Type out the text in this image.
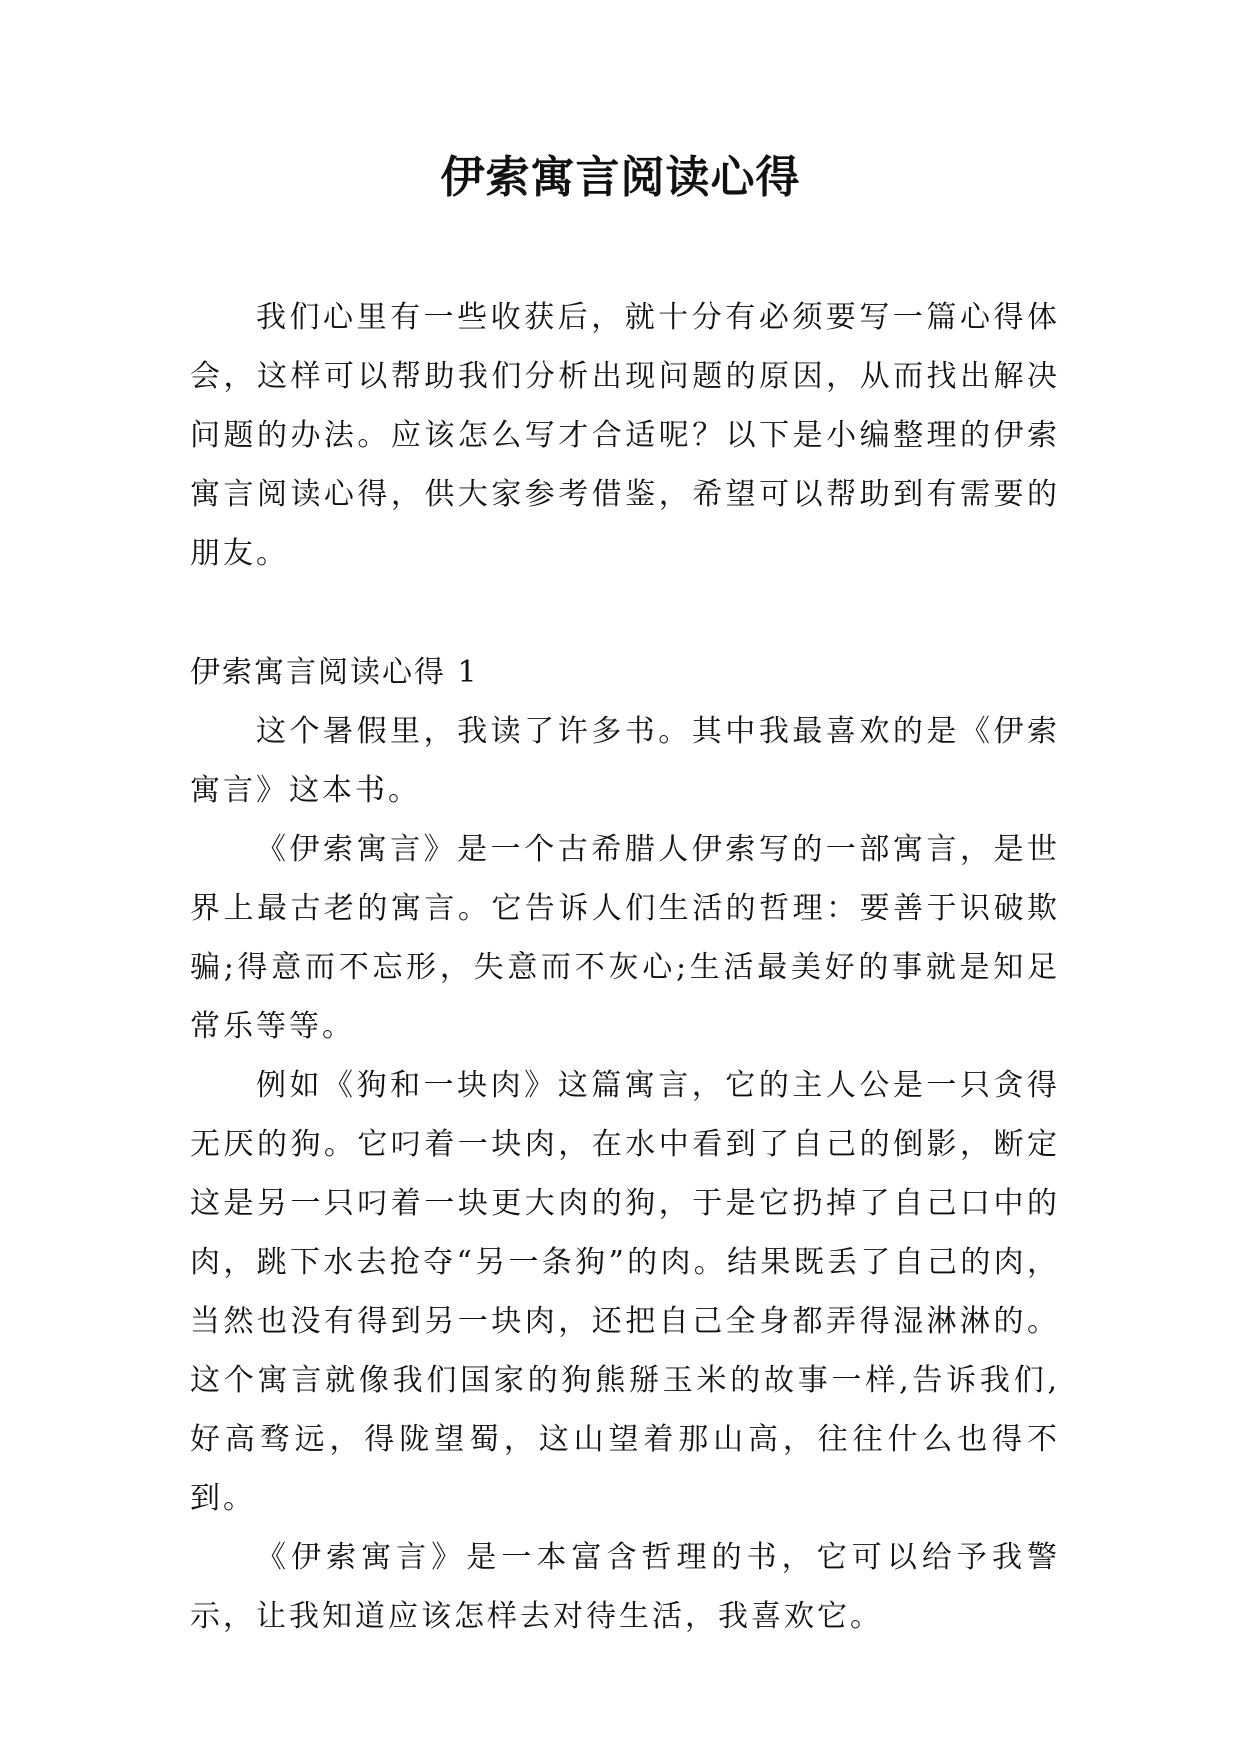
伊索寓言阅读心得

我们心里有一些收获后，就十分有必须要写一篇心得体会，这样可以帮助我们分析出现问题的原因，从而找出解决问题的办法。应该怎么写才合适呢？以下是小编整理的伊索寓言阅读心得，供大家参考借鉴，希望可以帮助到有需要的朋友。

伊索寓言阅读心得 1

这个暑假里，我读了许多书。其中我最喜欢的是《伊索寓言》这本书。

《伊索寓言》是一个古希腊人伊索写的一部寓言，是世界上最古老的寓言。它告诉人们生活的哲理：要善于识破欺骗;得意而不忘形，失意而不灰心;生活最美好的事就是知足常乐等等。

例如《狗和一块肉》这篇寓言，它的主人公是一只贪得无厌的狗。它叼着一块肉，在水中看到了自己的倒影，断定这是另一只叼着一块更大肉的狗，于是它扔掉了自己口中的肉，跳下水去抢夺“另一条狗”的肉。结果既丢了自己的肉，当然也没有得到另一块肉，还把自己全身都弄得湿淋淋的。这个寓言就像我们国家的狗熊掰玉米的故事一样,告诉我们,好高骛远，得陇望蜀，这山望着那山高，往往什么也得不到。

《伊索寓言》是一本富含哲理的书，它可以给予我警示，让我知道应该怎样去对待生活，我喜欢它。
